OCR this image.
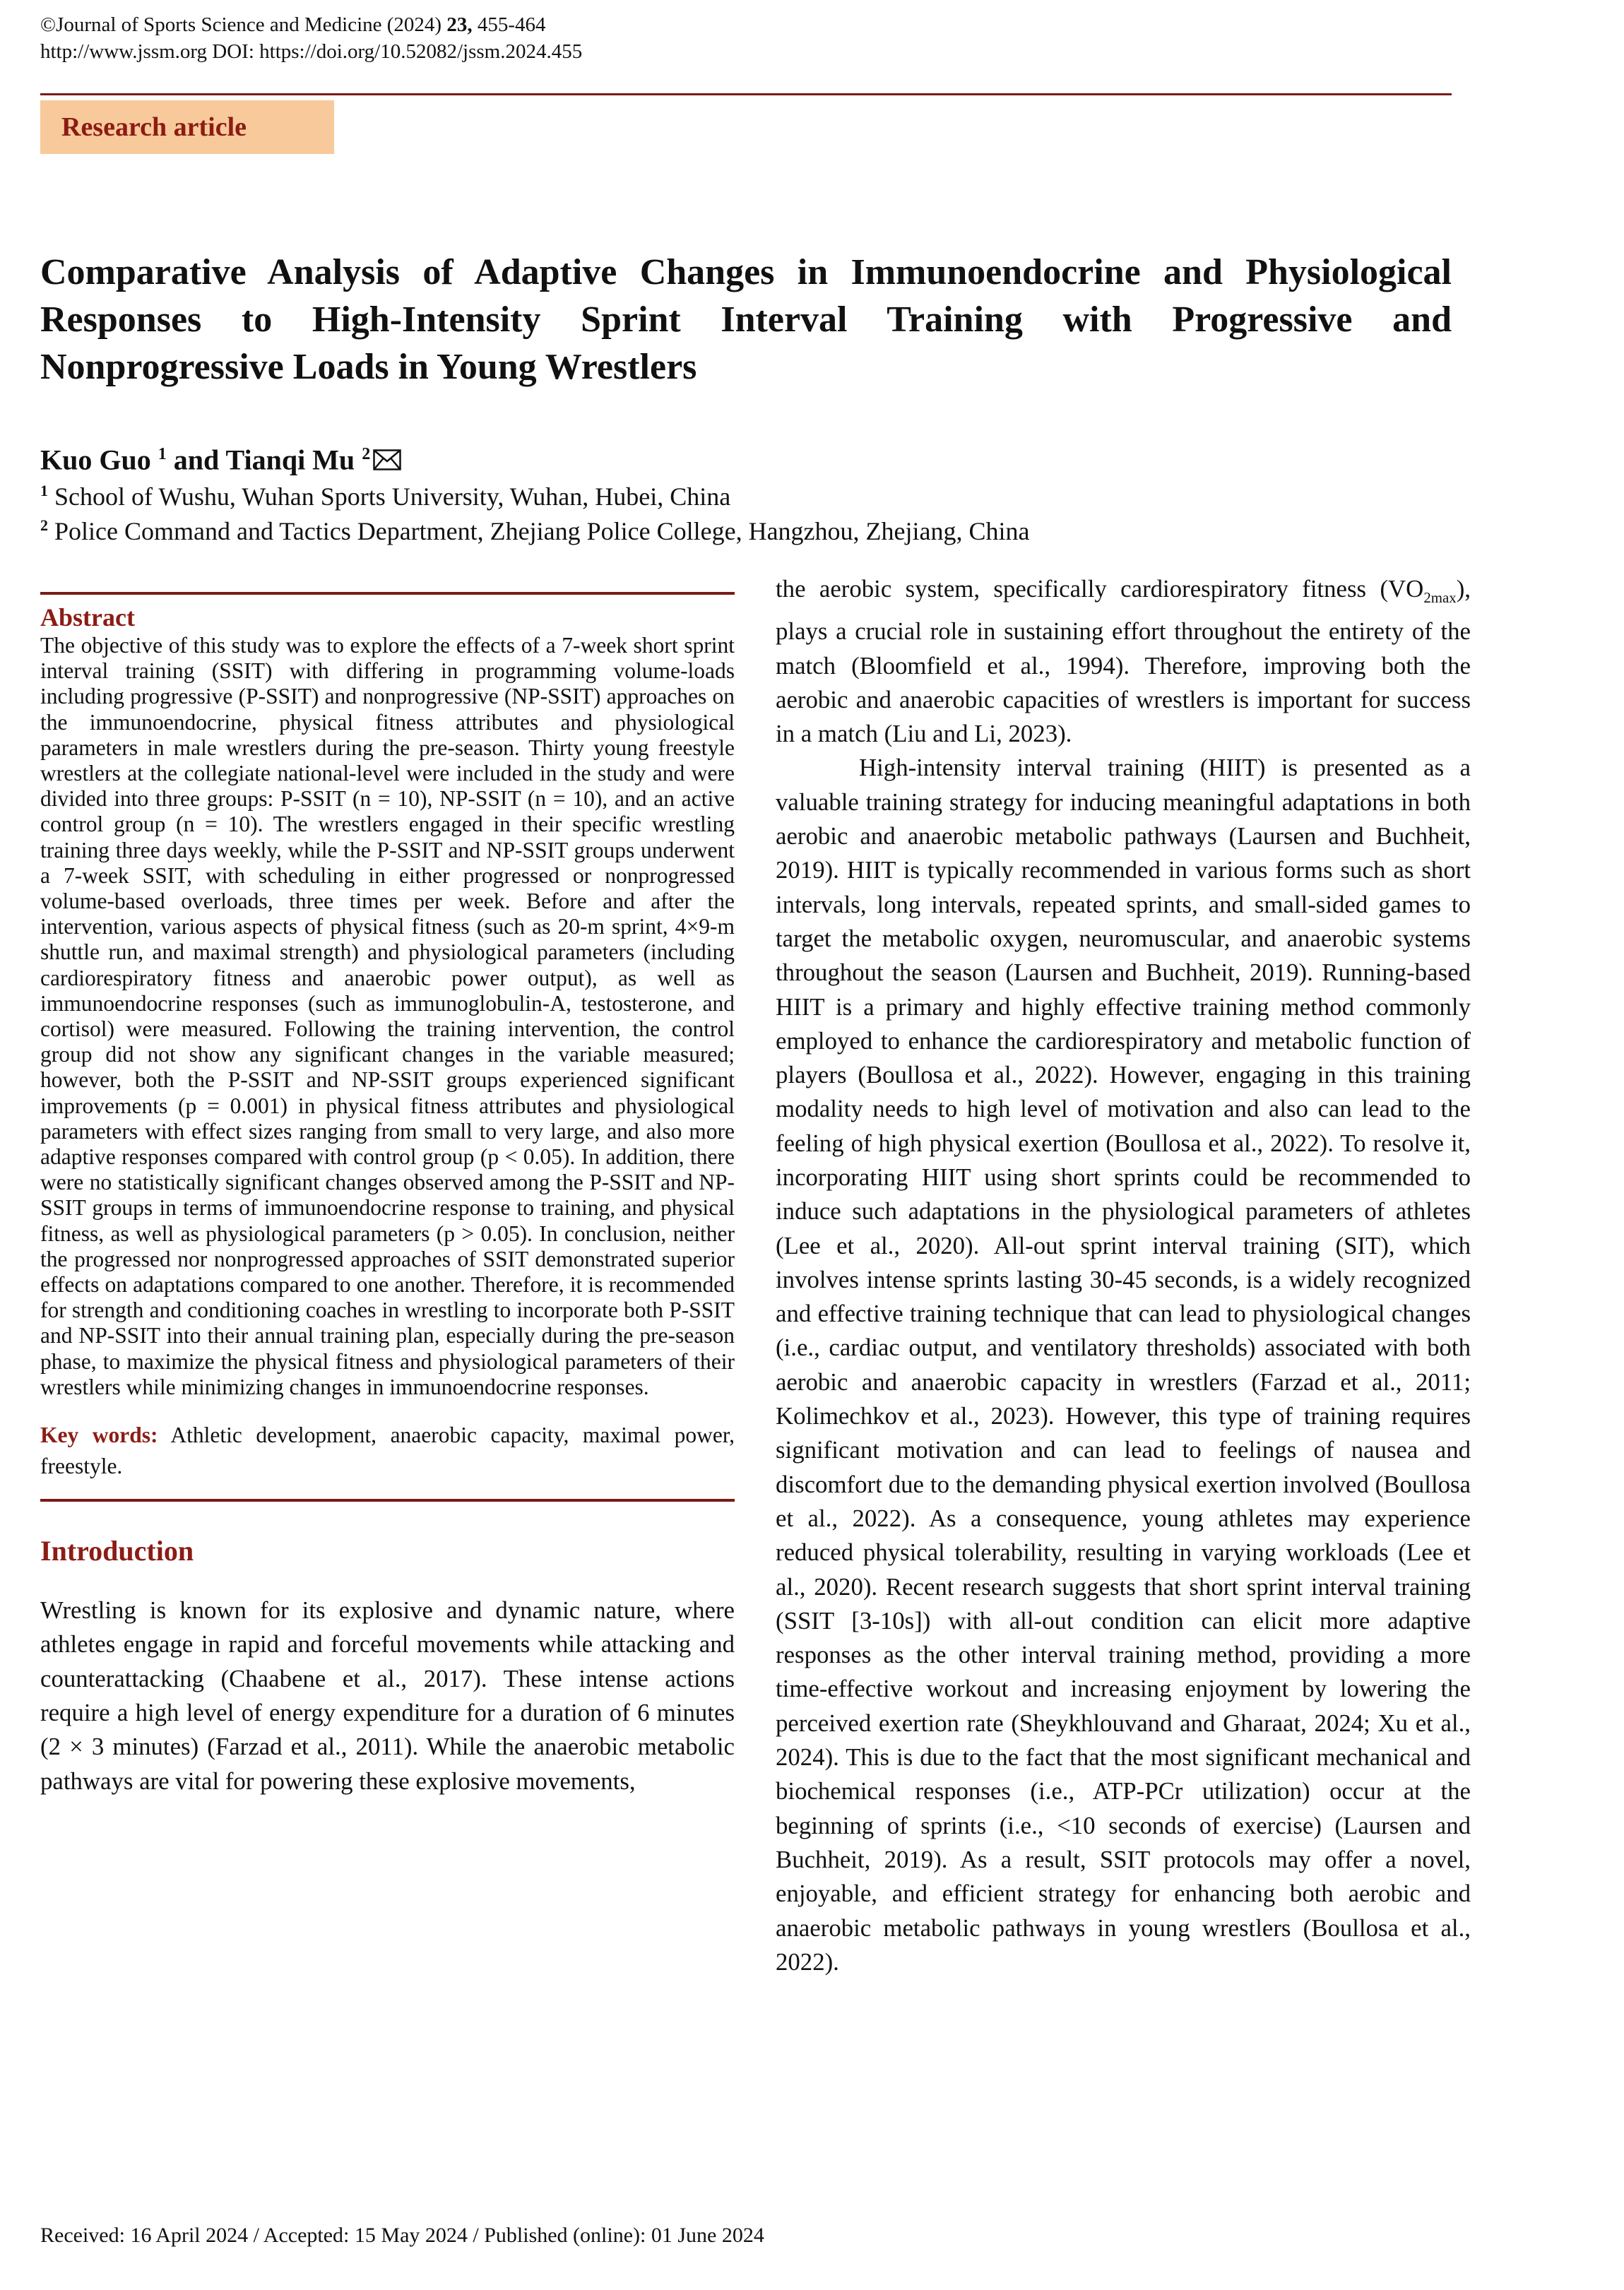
©Journal of Sports Science and Medicine (2024) 23, 455-464
http://www.jssm.org DOI: https://doi.org/10.52082/jssm.2024.455
Research article
Comparative Analysis of Adaptive Changes in Immunoendocrine and Physiological Responses to High-Intensity Sprint Interval Training with Progressive and Nonprogressive Loads in Young Wrestlers
Kuo Guo $^1$ and Tianqi Mu $^2$
$^1$ School of Wushu, Wuhan Sports University, Wuhan, Hubei, China
$^2$ Police Command and Tactics Department, Zhejiang Police College, Hangzhou, Zhejiang, China
Abstract

The objective of this study was to explore the effects of a 7-week short sprint interval training (SSIT) with differing in programming volume-loads including progressive (P-SSIT) and nonprogressive (NP-SSIT) approaches on the immunoendocrine, physical fitness attributes and physiological parameters in male wrestlers during the pre-season. Thirty young freestyle wrestlers at the collegiate national-level were included in the study and were divided into three groups: P-SSIT (n = 10), NP-SSIT (n = 10), and an active control group (n = 10). The wrestlers engaged in their specific wrestling training three days weekly, while the P-SSIT and NP-SSIT groups underwent a 7-week SSIT, with scheduling in either progressed or nonprogressed volume-based overloads, three times per week. Before and after the intervention, various aspects of physical fitness (such as 20-m sprint, 4×9-m shuttle run, and maximal strength) and physiological parameters (including cardiorespiratory fitness and anaerobic power output), as well as immunoendocrine responses (such as immunoglobulin-A, testosterone, and cortisol) were measured. Following the training intervention, the control group did not show any significant changes in the variable measured; however, both the P-SSIT and NP-SSIT groups experienced significant improvements (p = 0.001) in physical fitness attributes and physiological parameters with effect sizes ranging from small to very large, and also more adaptive responses compared with control group (p < 0.05). In addition, there were no statistically significant changes observed among the P-SSIT and NP-SSIT groups in terms of immunoendocrine response to training, and physical fitness, as well as physiological parameters (p > 0.05). In conclusion, neither the progressed nor nonprogressed approaches of SSIT demonstrated superior effects on adaptations compared to one another. Therefore, it is recommended for strength and conditioning coaches in wrestling to incorporate both P-SSIT and NP-SSIT into their annual training plan, especially during the pre-season phase, to maximize the physical fitness and physiological parameters of their wrestlers while minimizing changes in immunoendocrine responses.

Key words: Athletic development, anaerobic capacity, maximal power, freestyle.

Introduction

Wrestling is known for its explosive and dynamic nature, where athletes engage in rapid and forceful movements while attacking and counterattacking (Chaabene et al., 2017). These intense actions require a high level of energy expenditure for a duration of 6 minutes (2 × 3 minutes) (Farzad et al., 2011). While the anaerobic metabolic pathways are vital for powering these explosive movements,

the aerobic system, specifically cardiorespiratory fitness $(VO_{2max})$, plays a crucial role in sustaining effort throughout the entirety of the match (Bloomfield et al., 1994). Therefore, improving both the aerobic and anaerobic capacities of wrestlers is important for success in a match (Liu and Li, 2023).

High-intensity interval training (HIIT) is presented as a valuable training strategy for inducing meaningful adaptations in both aerobic and anaerobic metabolic pathways (Laursen and Buchheit, 2019). HIIT is typically recommended in various forms such as short intervals, long intervals, repeated sprints, and small-sided games to target the metabolic oxygen, neuromuscular, and anaerobic systems throughout the season (Laursen and Buchheit, 2019). Running-based HIIT is a primary and highly effective training method commonly employed to enhance the cardiorespiratory and metabolic function of players (Boullosa et al., 2022). However, engaging in this training modality needs to high level of motivation and also can lead to the feeling of high physical exertion (Boullosa et al., 2022). To resolve it, incorporating HIIT using short sprints could be recommended to induce such adaptations in the physiological parameters of athletes (Lee et al., 2020). All-out sprint interval training (SIT), which involves intense sprints lasting 30-45 seconds, is a widely recognized and effective training technique that can lead to physiological changes (i.e., cardiac output, and ventilatory thresholds) associated with both aerobic and anaerobic capacity in wrestlers (Farzad et al., 2011; Kolimechkov et al., 2023). However, this type of training requires significant motivation and can lead to feelings of nausea and discomfort due to the demanding physical exertion involved (Boullosa et al., 2022). As a consequence, young athletes may experience reduced physical tolerability, resulting in varying workloads (Lee et al., 2020). Recent research suggests that short sprint interval training (SSIT [3-10s]) with all-out condition can elicit more adaptive responses as the other interval training method, providing a more time-effective workout and increasing enjoyment by lowering the perceived exertion rate (Sheykhlouvand and Gharaat, 2024; Xu et al., 2024). This is due to the fact that the most significant mechanical and biochemical responses (i.e., ATP-PCr utilization) occur at the beginning of sprints (i.e., <10 seconds of exercise) (Laursen and Buchheit, 2019). As a result, SSIT protocols may offer a novel, enjoyable, and efficient strategy for enhancing both aerobic and anaerobic metabolic pathways in young wrestlers (Boullosa et al., 2022).

Received: 16 April 2024 / Accepted: 15 May 2024 / Published (online): 01 June 2024
